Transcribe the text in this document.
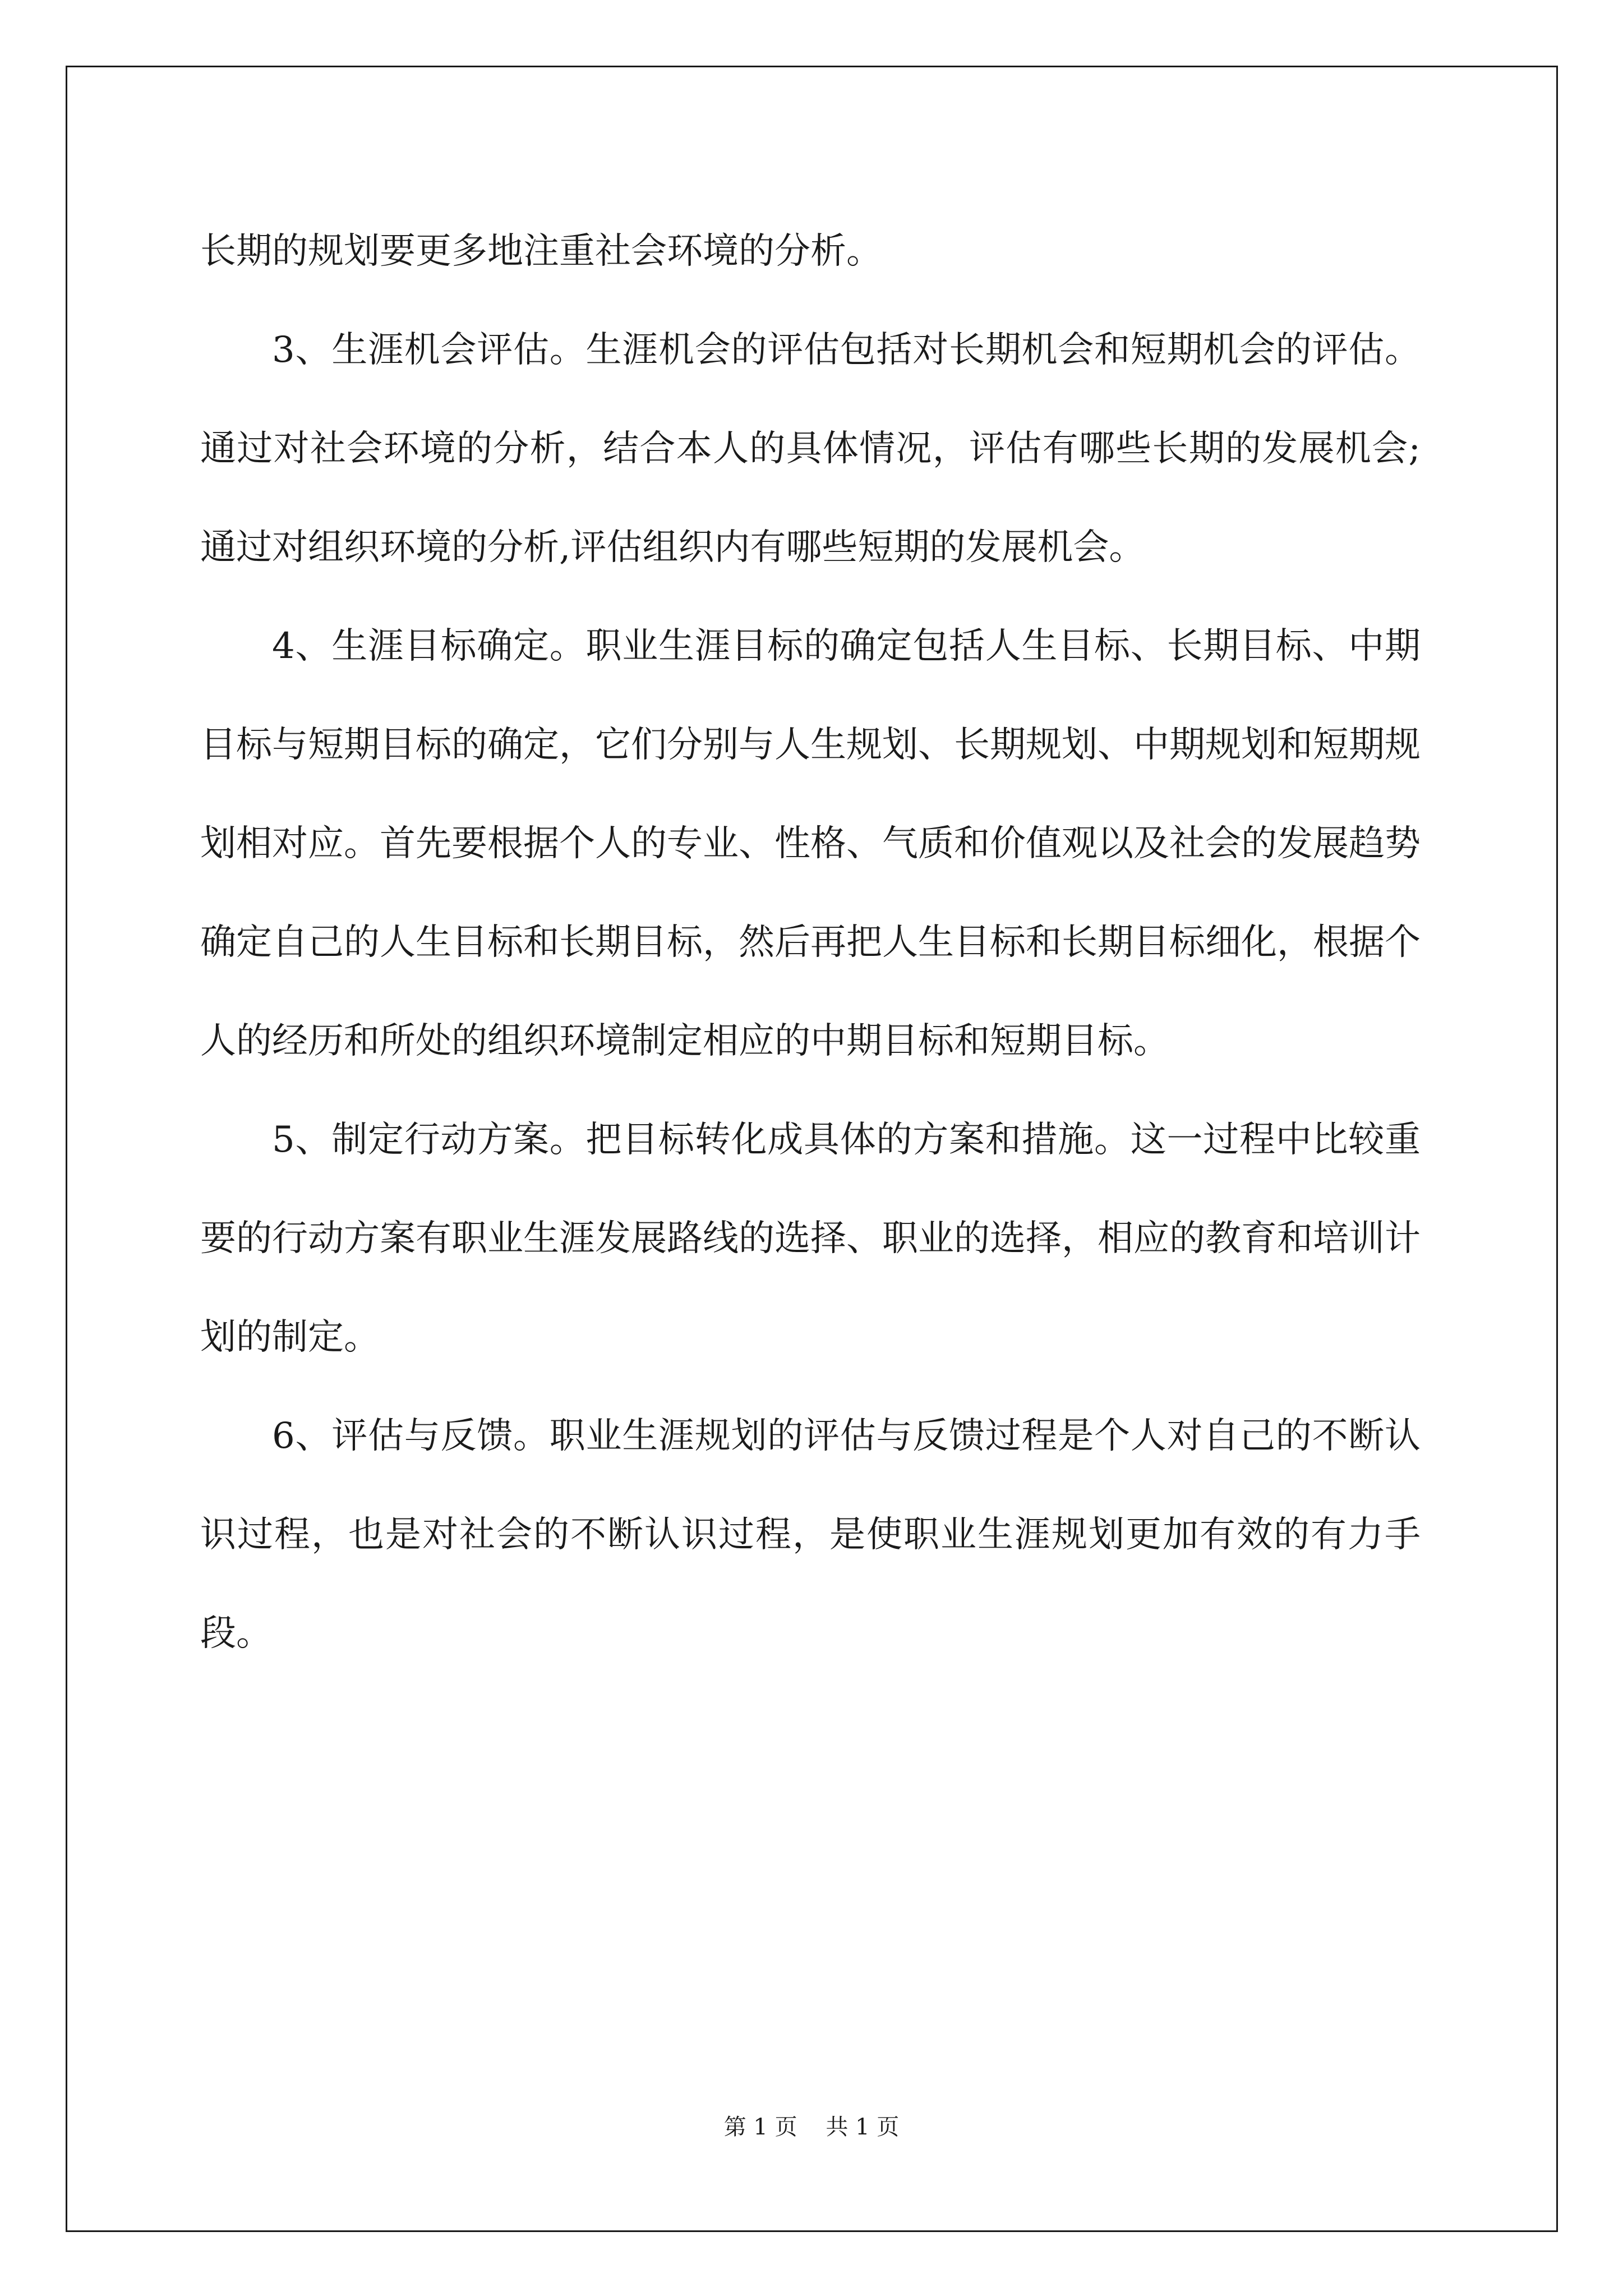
长期的规划要更多地注重社会环境的分析。

3、生涯机会评估。生涯机会的评估包括对长期机会和短期机会的评估。通过对社会环境的分析，结合本人的具体情况，评估有哪些长期的发展机会;通过对组织环境的分析,评估组织内有哪些短期的发展机会。

4、生涯目标确定。职业生涯目标的确定包括人生目标、长期目标、中期目标与短期目标的确定，它们分别与人生规划、长期规划、中期规划和短期规划相对应。首先要根据个人的专业、性格、气质和价值观以及社会的发展趋势确定自己的人生目标和长期目标，然后再把人生目标和长期目标细化，根据个人的经历和所处的组织环境制定相应的中期目标和短期目标。

5、制定行动方案。把目标转化成具体的方案和措施。这一过程中比较重要的行动方案有职业生涯发展路线的选择、职业的选择，相应的教育和培训计划的制定。

6、评估与反馈。职业生涯规划的评估与反馈过程是个人对自己的不断认识过程，也是对社会的不断认识过程，是使职业生涯规划更加有效的有力手段。

第 1 页    共 1 页
